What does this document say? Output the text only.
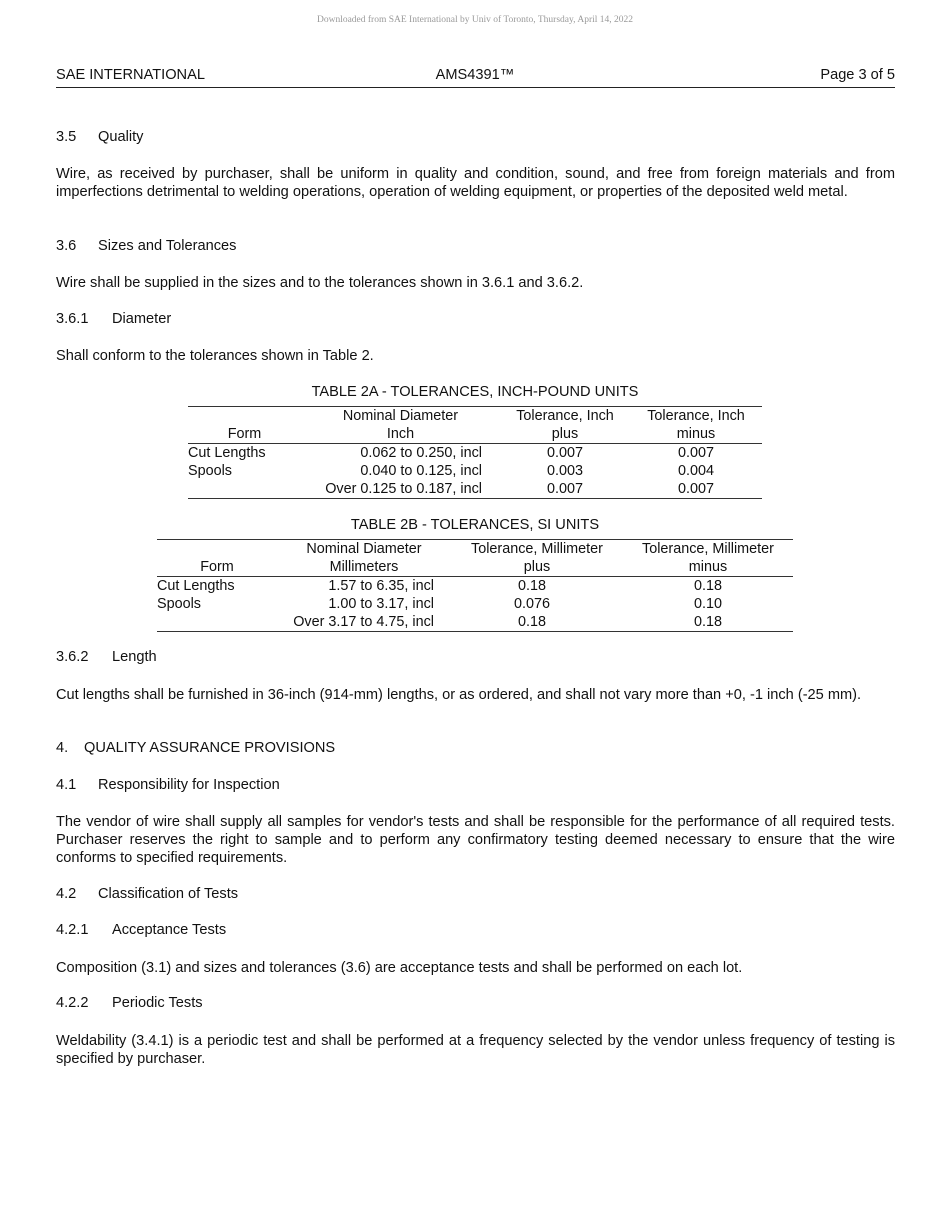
Downloaded from SAE International by Univ of Toronto, Thursday, April 14, 2022
SAE INTERNATIONAL	AMS4391™	Page 3 of 5
3.5 Quality
Wire, as received by purchaser, shall be uniform in quality and condition, sound, and free from foreign materials and from imperfections detrimental to welding operations, operation of welding equipment, or properties of the deposited weld metal.
3.6 Sizes and Tolerances
Wire shall be supplied in the sizes and to the tolerances shown in 3.6.1 and 3.6.2.
3.6.1 Diameter
Shall conform to the tolerances shown in Table 2.
TABLE 2A - TOLERANCES, INCH-POUND UNITS
	Nominal Diameter	Tolerance, Inch	Tolerance, Inch
Form	Inch	plus	minus
Cut Lengths	0.062 to 0.250, incl	0.007	0.007
Spools	0.040 to 0.125, incl	0.003	0.004
	Over 0.125 to 0.187, incl	0.007	0.007
TABLE 2B - TOLERANCES, SI UNITS
	Nominal Diameter	Tolerance, Millimeter	Tolerance, Millimeter
Form	Millimeters	plus	minus
Cut Lengths	1.57 to 6.35, incl	0.18	0.18
Spools	1.00 to 3.17, incl	0.076	0.10
	Over 3.17 to 4.75, incl	0.18	0.18
3.6.2 Length
Cut lengths shall be furnished in 36-inch (914-mm) lengths, or as ordered, and shall not vary more than +0, -1 inch (-25 mm).
4. QUALITY ASSURANCE PROVISIONS
4.1 Responsibility for Inspection
The vendor of wire shall supply all samples for vendor's tests and shall be responsible for the performance of all required tests. Purchaser reserves the right to sample and to perform any confirmatory testing deemed necessary to ensure that the wire conforms to specified requirements.
4.2 Classification of Tests
4.2.1 Acceptance Tests
Composition (3.1) and sizes and tolerances (3.6) are acceptance tests and shall be performed on each lot.
4.2.2 Periodic Tests
Weldability (3.4.1) is a periodic test and shall be performed at a frequency selected by the vendor unless frequency of testing is specified by purchaser.
